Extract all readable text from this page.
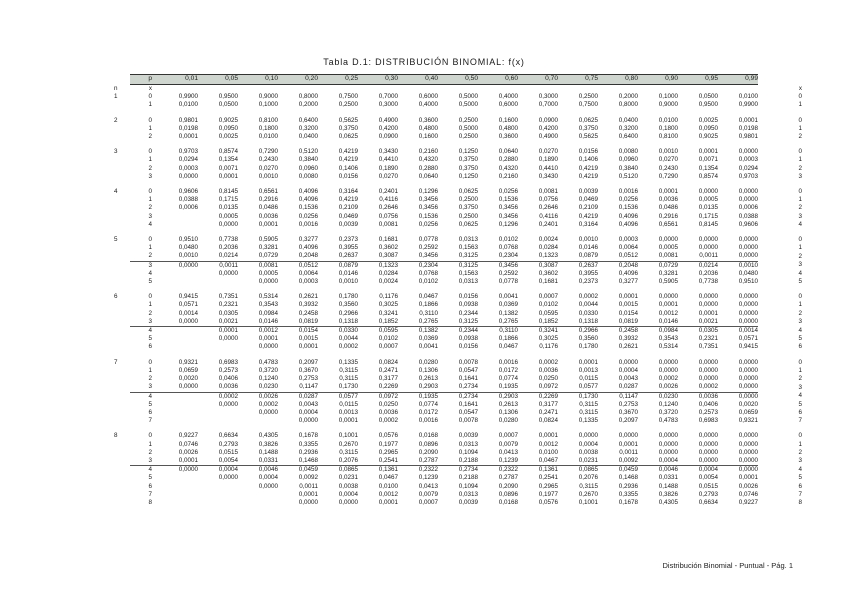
Tabla D.1: DISTRIBUCIÓN BINOMIAL: f(x)
	p	0,01	0,05	0,10	0,20	0,25	0,30	0,40	0,50	0,60	0,70	0,75	0,80	0,90	0,95	0,99	
n	x																x
1	0	0,9900	0,9500	0,9000	0,8000	0,7500	0,7000	0,6000	0,5000	0,4000	0,3000	0,2500	0,2000	0,1000	0,0500	0,0100	0
	1	0,0100	0,0500	0,1000	0,2000	0,2500	0,3000	0,4000	0,5000	0,6000	0,7000	0,7500	0,8000	0,9000	0,9500	0,9900	1

2	0	0,9801	0,9025	0,8100	0,6400	0,5625	0,4900	0,3600	0,2500	0,1600	0,0900	0,0625	0,0400	0,0100	0,0025	0,0001	0
	1	0,0198	0,0950	0,1800	0,3200	0,3750	0,4200	0,4800	0,5000	0,4800	0,4200	0,3750	0,3200	0,1800	0,0950	0,0198	1
	2	0,0001	0,0025	0,0100	0,0400	0,0625	0,0900	0,1600	0,2500	0,3600	0,4900	0,5625	0,6400	0,8100	0,9025	0,9801	2

3	0	0,9703	0,8574	0,7290	0,5120	0,4219	0,3430	0,2160	0,1250	0,0640	0,0270	0,0156	0,0080	0,0010	0,0001	0,0000	0
	1	0,0294	0,1354	0,2430	0,3840	0,4219	0,4410	0,4320	0,3750	0,2880	0,1890	0,1406	0,0960	0,0270	0,0071	0,0003	1
	2	0,0003	0,0071	0,0270	0,0960	0,1406	0,1890	0,2880	0,3750	0,4320	0,4410	0,4219	0,3840	0,2430	0,1354	0,0294	2
	3	0,0000	0,0001	0,0010	0,0080	0,0156	0,0270	0,0640	0,1250	0,2160	0,3430	0,4219	0,5120	0,7290	0,8574	0,9703	3

4	0	0,9606	0,8145	0,6561	0,4096	0,3164	0,2401	0,1296	0,0625	0,0256	0,0081	0,0039	0,0016	0,0001	0,0000	0,0000	0
	1	0,0388	0,1715	0,2916	0,4096	0,4219	0,4116	0,3456	0,2500	0,1536	0,0756	0,0469	0,0256	0,0036	0,0005	0,0000	1
	2	0,0006	0,0135	0,0486	0,1536	0,2109	0,2646	0,3456	0,3750	0,3456	0,2646	0,2109	0,1536	0,0486	0,0135	0,0006	2
	3		0,0005	0,0036	0,0256	0,0469	0,0756	0,1536	0,2500	0,3456	0,4116	0,4219	0,4096	0,2916	0,1715	0,0388	3
	4		0,0000	0,0001	0,0016	0,0039	0,0081	0,0256	0,0625	0,1296	0,2401	0,3164	0,4096	0,6561	0,8145	0,9606	4

5	0	0,9510	0,7738	0,5905	0,3277	0,2373	0,1681	0,0778	0,0313	0,0102	0,0024	0,0010	0,0003	0,0000	0,0000	0,0000	0
	1	0,0480	0,2036	0,3281	0,4096	0,3955	0,3602	0,2592	0,1563	0,0768	0,0284	0,0146	0,0064	0,0005	0,0000	0,0000	1
	2	0,0010	0,0214	0,0729	0,2048	0,2637	0,3087	0,3456	0,3125	0,2304	0,1323	0,0879	0,0512	0,0081	0,0011	0,0000	2
	3	0,0000	0,0011	0,0081	0,0512	0,0879	0,1323	0,2304	0,3125	0,3456	0,3087	0,2637	0,2048	0,0729	0,0214	0,0010	3
	4		0,0000	0,0005	0,0064	0,0146	0,0284	0,0768	0,1563	0,2592	0,3602	0,3955	0,4096	0,3281	0,2036	0,0480	4
	5			0,0000	0,0003	0,0010	0,0024	0,0102	0,0313	0,0778	0,1681	0,2373	0,3277	0,5905	0,7738	0,9510	5

6	0	0,9415	0,7351	0,5314	0,2621	0,1780	0,1176	0,0467	0,0156	0,0041	0,0007	0,0002	0,0001	0,0000	0,0000	0,0000	0
	1	0,0571	0,2321	0,3543	0,3932	0,3560	0,3025	0,1866	0,0938	0,0369	0,0102	0,0044	0,0015	0,0001	0,0000	0,0000	1
	2	0,0014	0,0305	0,0984	0,2458	0,2966	0,3241	0,3110	0,2344	0,1382	0,0595	0,0330	0,0154	0,0012	0,0001	0,0000	2
	3	0,0000	0,0021	0,0146	0,0819	0,1318	0,1852	0,2765	0,3125	0,2765	0,1852	0,1318	0,0819	0,0146	0,0021	0,0000	3
	4		0,0001	0,0012	0,0154	0,0330	0,0595	0,1382	0,2344	0,3110	0,3241	0,2966	0,2458	0,0984	0,0305	0,0014	4
	5		0,0000	0,0001	0,0015	0,0044	0,0102	0,0369	0,0938	0,1866	0,3025	0,3560	0,3932	0,3543	0,2321	0,0571	5
	6			0,0000	0,0001	0,0002	0,0007	0,0041	0,0156	0,0467	0,1176	0,1780	0,2621	0,5314	0,7351	0,9415	6

7	0	0,9321	0,6983	0,4783	0,2097	0,1335	0,0824	0,0280	0,0078	0,0016	0,0002	0,0001	0,0000	0,0000	0,0000	0,0000	0
	1	0,0659	0,2573	0,3720	0,3670	0,3115	0,2471	0,1306	0,0547	0,0172	0,0036	0,0013	0,0004	0,0000	0,0000	0,0000	1
	2	0,0020	0,0406	0,1240	0,2753	0,3115	0,3177	0,2613	0,1641	0,0774	0,0250	0,0115	0,0043	0,0002	0,0000	0,0000	2
	3	0,0000	0,0036	0,0230	0,1147	0,1730	0,2269	0,2903	0,2734	0,1935	0,0972	0,0577	0,0287	0,0026	0,0002	0,0000	3
	4		0,0002	0,0026	0,0287	0,0577	0,0972	0,1935	0,2734	0,2903	0,2269	0,1730	0,1147	0,0230	0,0036	0,0000	4
	5		0,0000	0,0002	0,0043	0,0115	0,0250	0,0774	0,1641	0,2613	0,3177	0,3115	0,2753	0,1240	0,0406	0,0020	5
	6			0,0000	0,0004	0,0013	0,0036	0,0172	0,0547	0,1306	0,2471	0,3115	0,3670	0,3720	0,2573	0,0659	6
	7				0,0000	0,0001	0,0002	0,0016	0,0078	0,0280	0,0824	0,1335	0,2097	0,4783	0,6983	0,9321	7

8	0	0,9227	0,6634	0,4305	0,1678	0,1001	0,0576	0,0168	0,0039	0,0007	0,0001	0,0000	0,0000	0,0000	0,0000	0,0000	0
	1	0,0746	0,2793	0,3826	0,3355	0,2670	0,1977	0,0896	0,0313	0,0079	0,0012	0,0004	0,0001	0,0000	0,0000	0,0000	1
	2	0,0026	0,0515	0,1488	0,2936	0,3115	0,2965	0,2090	0,1094	0,0413	0,0100	0,0038	0,0011	0,0000	0,0000	0,0000	2
	3	0,0001	0,0054	0,0331	0,1468	0,2076	0,2541	0,2787	0,2188	0,1239	0,0467	0,0231	0,0092	0,0004	0,0000	0,0000	3
	4	0,0000	0,0004	0,0046	0,0459	0,0865	0,1361	0,2322	0,2734	0,2322	0,1361	0,0865	0,0459	0,0046	0,0004	0,0000	4
	5		0,0000	0,0004	0,0092	0,0231	0,0467	0,1239	0,2188	0,2787	0,2541	0,2076	0,1468	0,0331	0,0054	0,0001	5
	6			0,0000	0,0011	0,0038	0,0100	0,0413	0,1094	0,2090	0,2965	0,3115	0,2936	0,1488	0,0515	0,0026	6
	7				0,0001	0,0004	0,0012	0,0079	0,0313	0,0896	0,1977	0,2670	0,3355	0,3826	0,2793	0,0746	7
	8				0,0000	0,0000	0,0001	0,0007	0,0039	0,0168	0,0576	0,1001	0,1678	0,4305	0,6634	0,9227	8
Distribución Binomial - Puntual - Pág. 1
